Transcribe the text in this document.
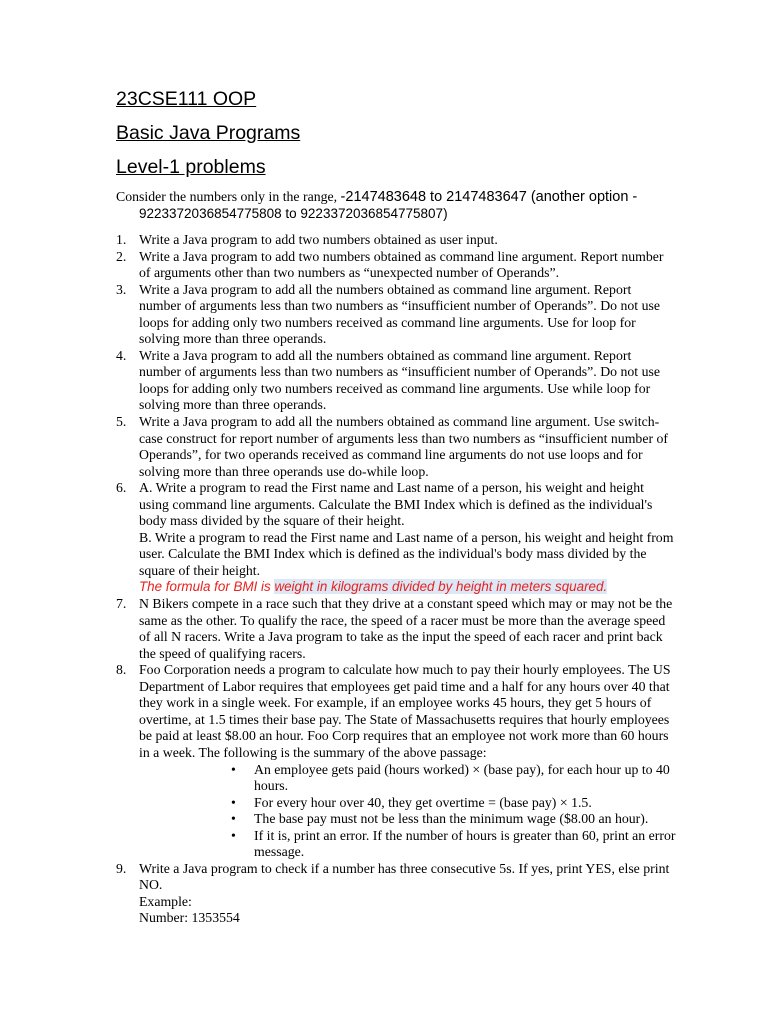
23CSE111 OOP
Basic Java Programs
Level-1 problems
Consider the numbers only in the range, -2147483648 to 2147483647 (another option -
9223372036854775808 to 9223372036854775807)
1. Write a Java program to add two numbers obtained as user input.
2. Write a Java program to add two numbers obtained as command line argument. Report number of arguments other than two numbers as “unexpected number of Operands”.
3. Write a Java program to add all the numbers obtained as command line argument. Report number of arguments less than two numbers as “insufficient number of Operands”. Do not use loops for adding only two numbers received as command line arguments. Use for loop for solving more than three operands.
4. Write a Java program to add all the numbers obtained as command line argument. Report number of arguments less than two numbers as “insufficient number of Operands”. Do not use loops for adding only two numbers received as command line arguments. Use while loop for solving more than three operands.
5. Write a Java program to add all the numbers obtained as command line argument. Use switch-case construct for report number of arguments less than two numbers as “insufficient number of Operands”, for two operands received as command line arguments do not use loops and for solving more than three operands use do-while loop.
6. A. Write a program to read the First name and Last name of a person, his weight and height using command line arguments. Calculate the BMI Index which is defined as the individual's body mass divided by the square of their height.
B. Write a program to read the First name and Last name of a person, his weight and height from user. Calculate the BMI Index which is defined as the individual's body mass divided by the square of their height.
The formula for BMI is weight in kilograms divided by height in meters squared.
7. N Bikers compete in a race such that they drive at a constant speed which may or may not be the same as the other. To qualify the race, the speed of a racer must be more than the average speed of all N racers. Write a Java program to take as the input the speed of each racer and print back the speed of qualifying racers.
8. Foo Corporation needs a program to calculate how much to pay their hourly employees. The US Department of Labor requires that employees get paid time and a half for any hours over 40 that they work in a single week. For example, if an employee works 45 hours, they get 5 hours of overtime, at 1.5 times their base pay. The State of Massachusetts requires that hourly employees be paid at least $8.00 an hour. Foo Corp requires that an employee not work more than 60 hours in a week. The following is the summary of the above passage:
• An employee gets paid (hours worked) × (base pay), for each hour up to 40 hours.
• For every hour over 40, they get overtime = (base pay) × 1.5.
• The base pay must not be less than the minimum wage ($8.00 an hour).
• If it is, print an error. If the number of hours is greater than 60, print an error message.
9. Write a Java program to check if a number has three consecutive 5s. If yes, print YES, else print NO.
Example:
Number: 1353554
